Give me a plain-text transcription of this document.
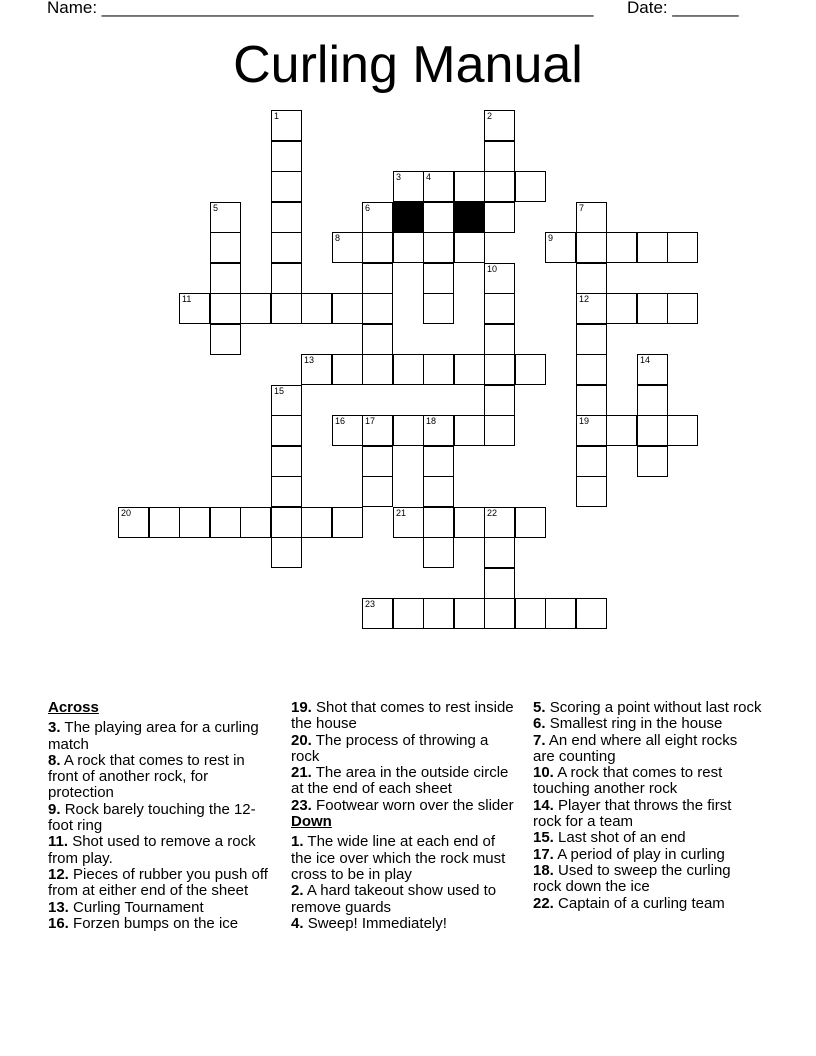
Name: ____________________________________________________ Date: _______
Curling Manual
1	2
3	4
5	6	7
8	9
10
11	12
13	14
15
16 17	18	19
20	21	22
23
Across
3. The playing area for a curling match
8. A rock that comes to rest in front of another rock, for protection
9. Rock barely touching the 12-foot ring
11. Shot used to remove a rock from play.
12. Pieces of rubber you push off from at either end of the sheet
13. Curling Tournament
16. Forzen bumps on the ice
19. Shot that comes to rest inside the house
20. The process of throwing a rock
21. The area in the outside circle at the end of each sheet
23. Footwear worn over the slider
Down
1. The wide line at each end of the ice over which the rock must cross to be in play
2. A hard takeout show used to remove guards
4. Sweep! Immediately!
5. Scoring a point without last rock
6. Smallest ring in the house
7. An end where all eight rocks are counting
10. A rock that comes to rest touching another rock
14. Player that throws the first rock for a team
15. Last shot of an end
17. A period of play in curling
18. Used to sweep the curling rock down the ice
22. Captain of a curling team
